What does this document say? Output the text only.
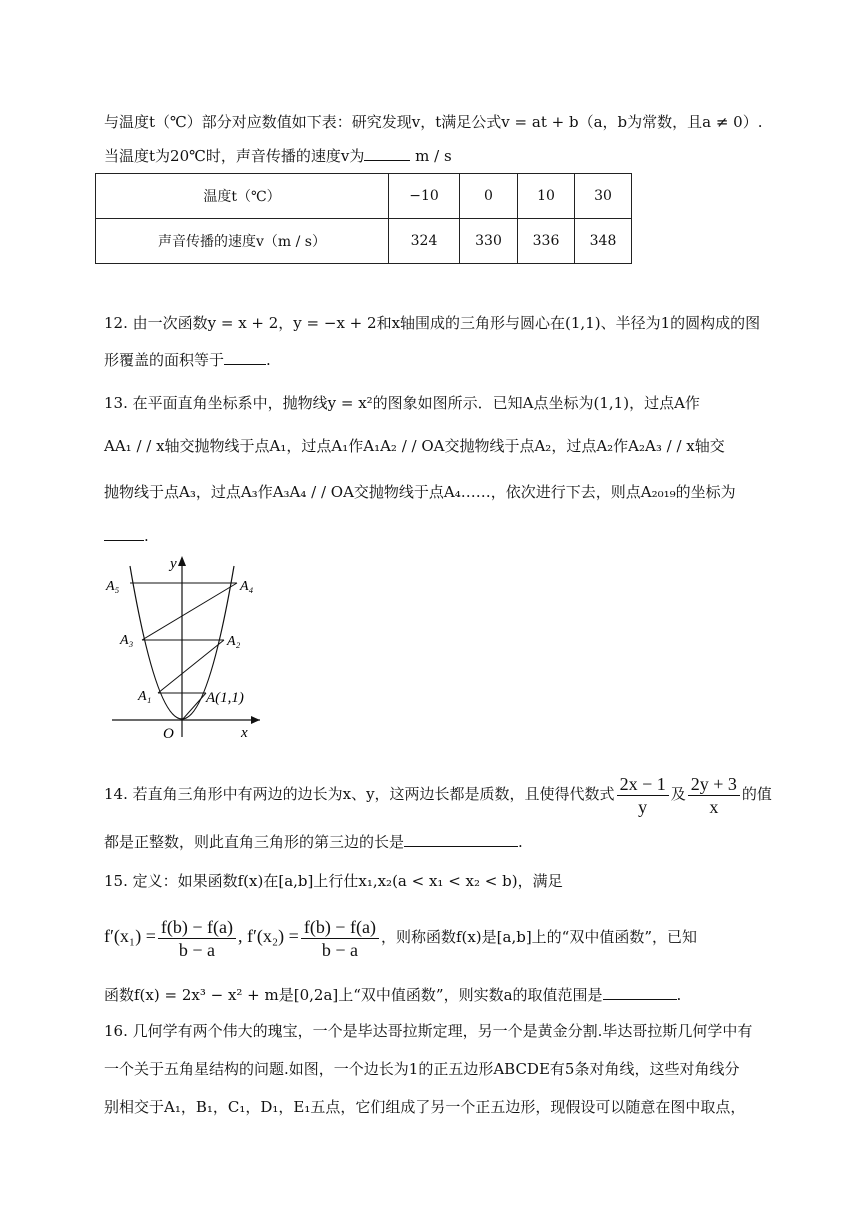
与温度t（℃）部分对应数值如下表：研究发现v，t满足公式v = at + b（a，b为常数，且a ≠ 0）.
当温度t为20℃时，声音传播的速度v为	m / s
温度t（℃）	−10	0	10	30
声音传播的速度v（m / s）	324	330	336	348
12. 由一次函数y = x + 2，y = −x + 2和x轴围成的三角形与圆心在(1,1)、半径为1的圆构成的图
形覆盖的面积等于	.
13. 在平面直角坐标系中，抛物线y = x²的图象如图所示．已知A点坐标为(1,1)，过点A作
AA₁ / / x轴交抛物线于点A₁，过点A₁作A₁A₂ / / OA交抛物线于点A₂，过点A₂作A₂A₃ / / x轴交
抛物线于点A₃，过点A₃作A₃A₄ / / OA交抛物线于点A₄……，依次进行下去，则点A₂₀₁₉的坐标为
.
y
x
O
A(1,1)
A₁
A₂
A₃
A₄
A₅
14. 若直角三角形中有两边的边长为x、y，这两边长都是质数，且使得代数式 $\frac{2x - 1}{y}$ 及 $\frac{2y + 3}{x}$ 的值
都是正整数，则此直角三角形的第三边的长是	.
15. 定义：如果函数f(x)在[a,b]上行仕x₁,x₂(a < x₁ < x₂ < b)，满足
$f'(x_1) = \frac{f(b) - f(a)}{b - a}$ , $f'(x_2) = \frac{f(b) - f(a)}{b - a}$ ，则称函数f(x)是[a,b]上的“双中值函数”，已知
函数f(x) = 2x³ − x² + m是[0,2a]上“双中值函数”，则实数a的取值范围是	.
16. 几何学有两个伟大的瑰宝，一个是毕达哥拉斯定理，另一个是黄金分割.毕达哥拉斯几何学中有
一个关于五角星结构的问题.如图，一个边长为1的正五边形ABCDE有5条对角线，这些对角线分
别相交于A₁，B₁，C₁，D₁，E₁五点，它们组成了另一个正五边形，现假设可以随意在图中取点，
